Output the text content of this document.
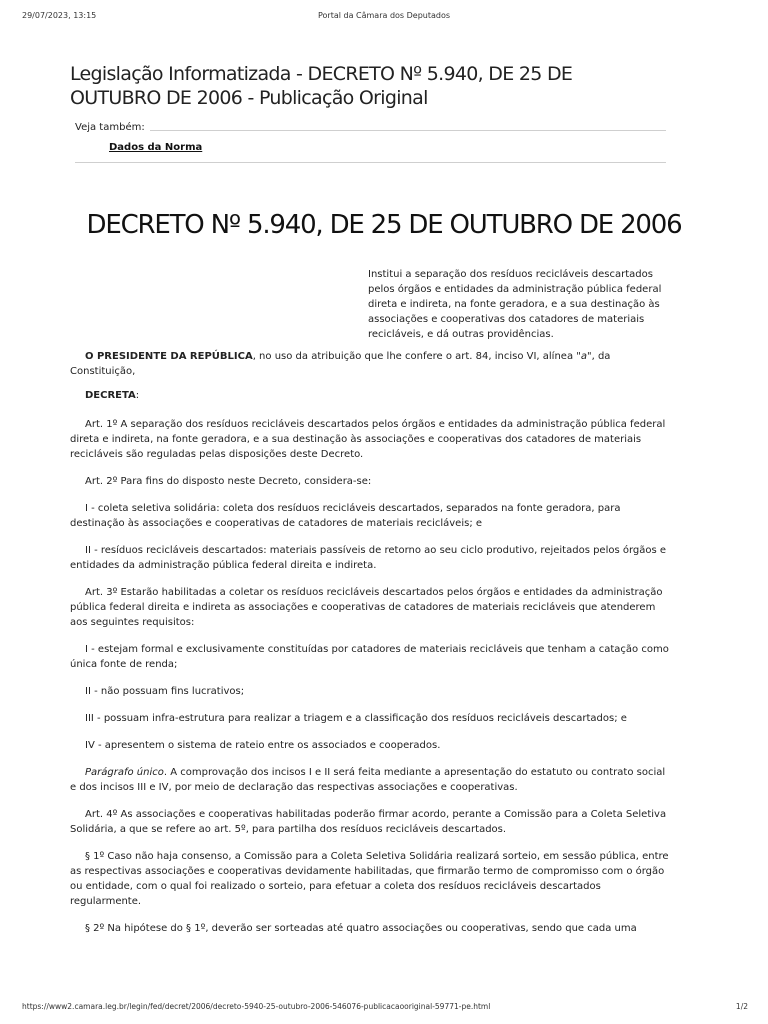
29/07/2023, 13:15	Portal da Câmara dos Deputados
Legislação Informatizada - DECRETO Nº 5.940, DE 25 DE OUTUBRO DE 2006 - Publicação Original
Veja também:
Dados da Norma
DECRETO Nº 5.940, DE 25 DE OUTUBRO DE 2006
Institui a separação dos resíduos recicláveis descartados pelos órgãos e entidades da administração pública federal direta e indireta, na fonte geradora, e a sua destinação às associações e cooperativas dos catadores de materiais recicláveis, e dá outras providências.

O PRESIDENTE DA REPÚBLICA, no uso da atribuição que lhe confere o art. 84, inciso VI, alínea "a", da Constituição,

DECRETA:

Art. 1º A separação dos resíduos recicláveis descartados pelos órgãos e entidades da administração pública federal direta e indireta, na fonte geradora, e a sua destinação às associações e cooperativas dos catadores de materiais recicláveis são reguladas pelas disposições deste Decreto.

Art. 2º Para fins do disposto neste Decreto, considera-se:

I - coleta seletiva solidária: coleta dos resíduos recicláveis descartados, separados na fonte geradora, para destinação às associações e cooperativas de catadores de materiais recicláveis; e

II - resíduos recicláveis descartados: materiais passíveis de retorno ao seu ciclo produtivo, rejeitados pelos órgãos e entidades da administração pública federal direita e indireta.

Art. 3º Estarão habilitadas a coletar os resíduos recicláveis descartados pelos órgãos e entidades da administração pública federal direita e indireta as associações e cooperativas de catadores de materiais recicláveis que atenderem aos seguintes requisitos:

I - estejam formal e exclusivamente constituídas por catadores de materiais recicláveis que tenham a catação como única fonte de renda;

II - não possuam fins lucrativos;

III - possuam infra-estrutura para realizar a triagem e a classificação dos resíduos recicláveis descartados; e

IV - apresentem o sistema de rateio entre os associados e cooperados.

Parágrafo único. A comprovação dos incisos I e II será feita mediante a apresentação do estatuto ou contrato social e dos incisos III e IV, por meio de declaração das respectivas associações e cooperativas.

Art. 4º As associações e cooperativas habilitadas poderão firmar acordo, perante a Comissão para a Coleta Seletiva Solidária, a que se refere ao art. 5º, para partilha dos resíduos recicláveis descartados.

§ 1º Caso não haja consenso, a Comissão para a Coleta Seletiva Solidária realizará sorteio, em sessão pública, entre as respectivas associações e cooperativas devidamente habilitadas, que firmarão termo de compromisso com o órgão ou entidade, com o qual foi realizado o sorteio, para efetuar a coleta dos resíduos recicláveis descartados regularmente.

§ 2º Na hipótese do § 1º, deverão ser sorteadas até quatro associações ou cooperativas, sendo que cada uma

https://www2.camara.leg.br/legin/fed/decret/2006/decreto-5940-25-outubro-2006-546076-publicacaooriginal-59771-pe.html	1/2
